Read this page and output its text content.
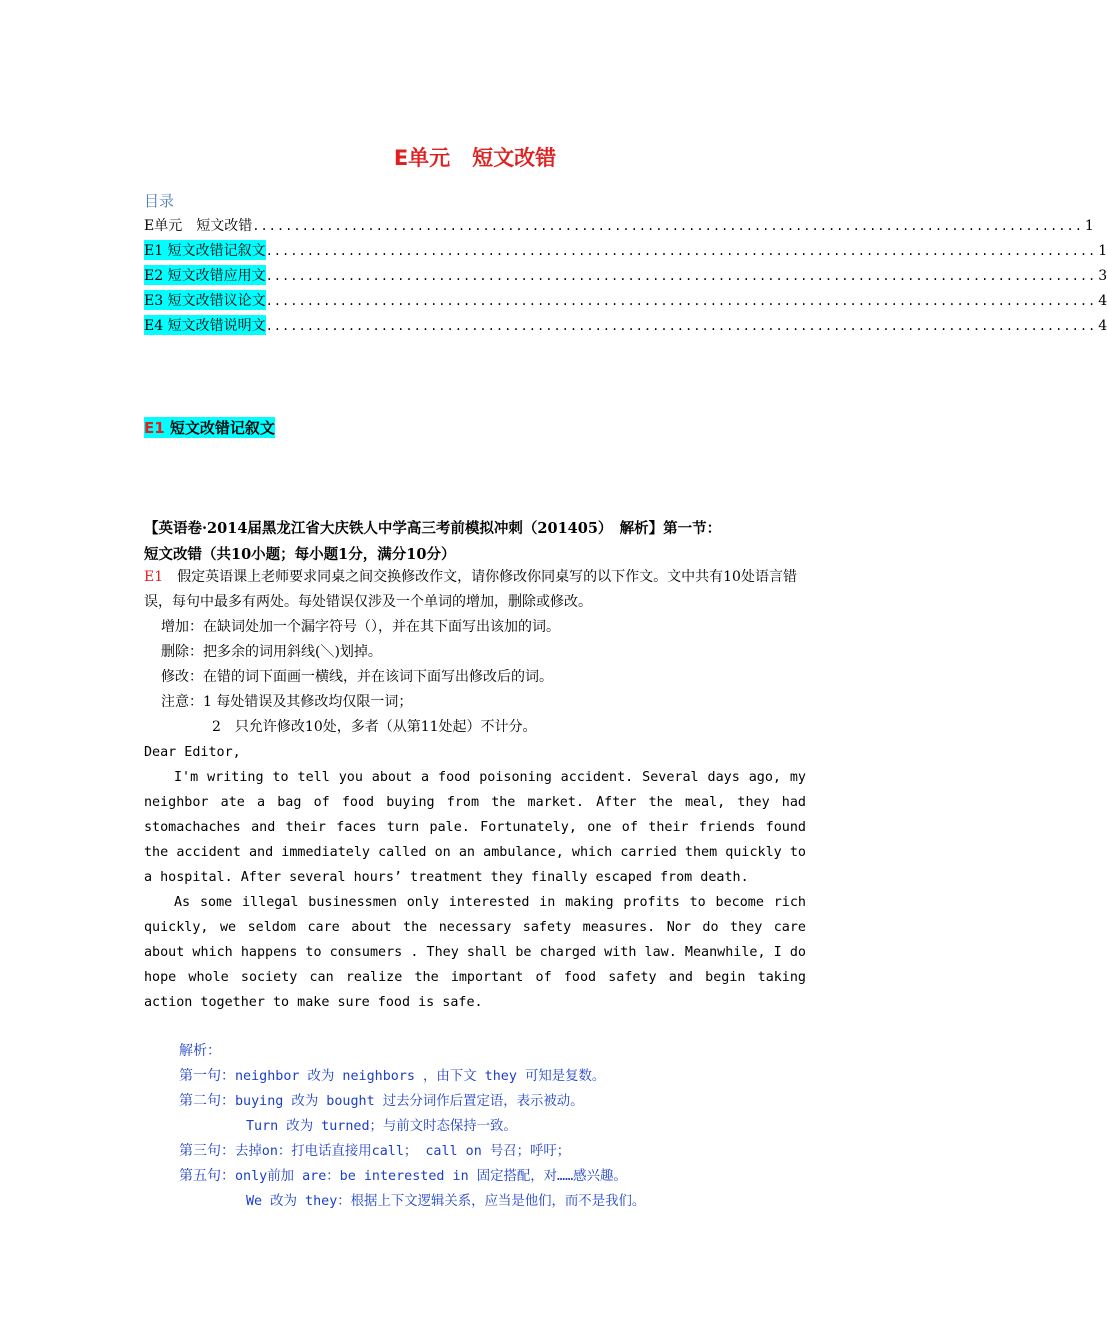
E单元 短文改错
目录
E单元　短文改错 ..................................................................................................... 1
E1 短文改错记叙文 ..................................................................................................... 1
E2 短文改错应用文 ..................................................................................................... 3
E3 短文改错议论文 ..................................................................................................... 4
E4 短文改错说明文 ..................................................................................................... 4
E1 短文改错记叙文
【英语卷·2014届黑龙江省大庆铁人中学高三考前模拟冲刺（201405）　解析】第一节：
短文改错（共10小题；每小题1分，满分10分）

E1　假定英语课上老师要求同桌之间交换修改作文，请你修改你同桌写的以下作文。文中共有10处语言错误，每句中最多有两处。每处错误仅涉及一个单词的增加，删除或修改。

增加：在缺词处加一个漏字符号（），并在其下面写出该加的词。

删除：把多余的词用斜线(＼)划掉。

修改：在错的词下面画一横线，并在该词下面写出修改后的词。

注意：1 每处错误及其修改均仅限一词；

2　只允许修改10处，多者（从第11处起）不计分。

Dear Editor,

I'm writing to tell you about a food poisoning accident. Several days ago, my neighbor ate a bag of food buying from the market. After the meal, they had stomachaches and their faces turn pale. Fortunately, one of their friends found the accident and immediately called on an ambulance, which carried them quickly to a hospital. After several hours’ treatment they finally escaped from death.

As some illegal businessmen only interested in making profits to become rich quickly, we seldom care about the necessary safety measures. Nor do they care about which happens to consumers . They shall be charged with law. Meanwhile, I do hope whole society can realize the important of food safety and begin taking action together to make sure food is safe.

解析：

第一句：neighbor 改为 neighbors ，由下文 they 可知是复数。

第二句：buying 改为 bought 过去分词作后置定语，表示被动。

Turn 改为 turned；与前文时态保持一致。

第三句：去掉on：打电话直接用call； call on 号召；呼吁；

第五句：only前加 are：be interested in 固定搭配，对……感兴趣。

We 改为 they：根据上下文逻辑关系，应当是他们，而不是我们。
